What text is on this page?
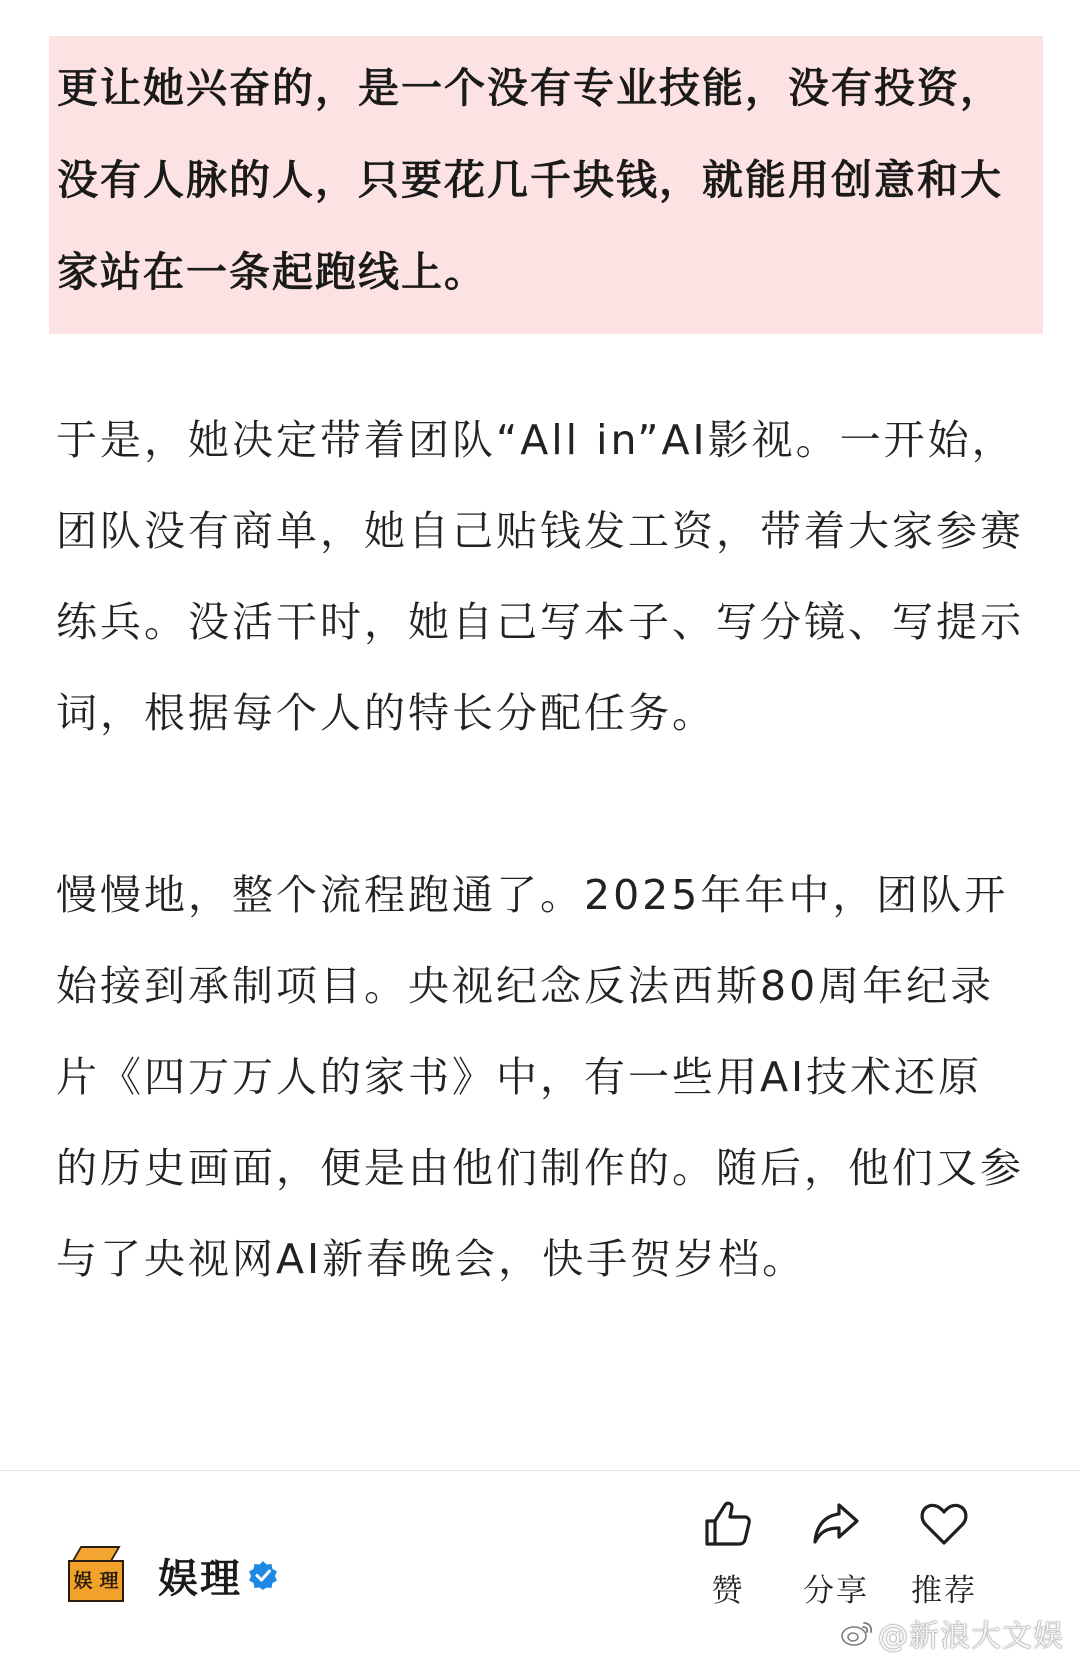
更让她兴奋的，是一个没有专业技能，没有投资，没有人脉的人，只要花几千块钱，就能用创意和大家站在一条起跑线上。

于是，她决定带着团队“All in”AI影视。一开始，团队没有商单，她自己贴钱发工资，带着大家参赛练兵。没活干时，她自己写本子、写分镜、写提示词，根据每个人的特长分配任务。

慢慢地，整个流程跑通了。2025年年中，团队开始接到承制项目。央视纪念反法西斯80周年纪录片《四万万人的家书》中，有一些用AI技术还原的历史画面，便是由他们制作的。随后，他们又参与了央视网AI新春晚会，快手贺岁档。

娱 理 娱理	赞 分享 推荐
@新浪大文娱
